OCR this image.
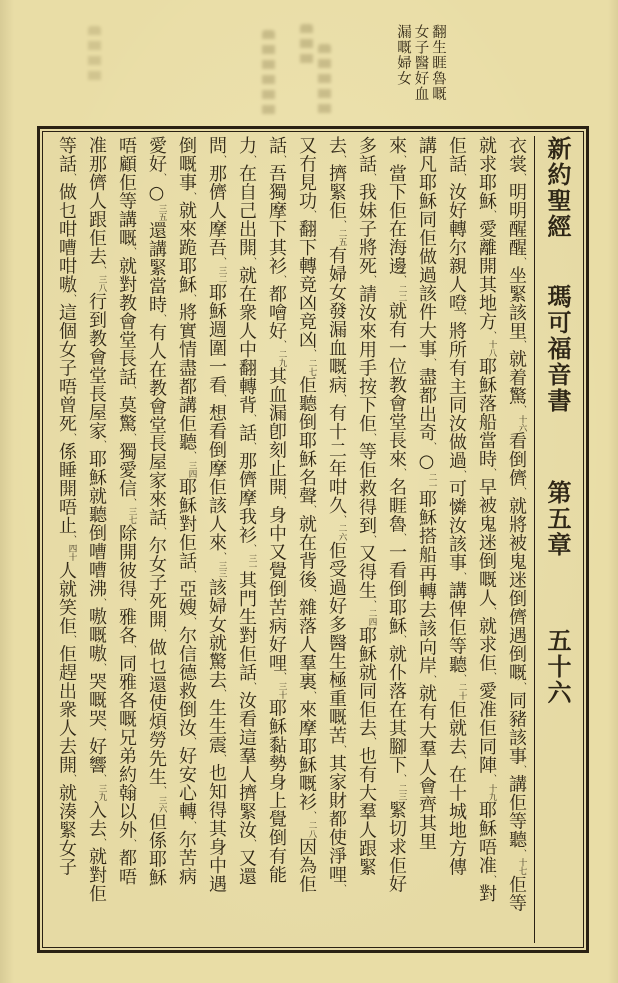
翻生睚魯嘅
女子醫好血
漏嘅婦女
新約聖經瑪可福音書第五章五十六
衣裳、明明醒醒、坐緊該里、就着驚、十六看倒儕、就將被鬼迷倒儕遇倒嘅、同豬該事、講佢等聽、十七佢等
就求耶穌、愛離開其地方、十八耶穌落船當時、早被鬼迷倒嘅人、就求佢、愛准佢同陣、十九耶穌唔准、對
佢話、汝好轉尔親人噔、將所有主同汝做過、可憐汝該事、講俾佢等聽、二十佢就去、在十城地方傳
講凡耶穌同佢做過該件大事、盡都出奇、○二一耶穌搭船再轉去該向岸、就有大羣人會齊其里
來、當下佢在海邊、二二就有一位教會堂長來、名睚魯、一看倒耶穌、就仆落在其腳下、二三緊切求佢好
多話、我妹子將死、請汝來用手按下佢、等佢救得到、又得生、二四耶穌就同佢去、也有大羣人跟緊
去、擠緊佢、二五有婦女發漏血嘅病、有十二年咁久、二六佢受過好多醫生極重嘅苦、其家財都使淨哩、
又冇見功、翻下轉竟凶竟凶、二七佢聽倒耶穌名聲、就在背後、雜落人羣裏、來摩耶穌嘅衫、二八因為佢
話、吾獨摩下其衫、都噲好、二九其血漏卽刻止開、身中又覺倒苦病好哩、三十耶穌黏勢身上覺倒有能
力、在自己出開、就在衆人中翻轉背、話、那儕摩我衫、三一其門生對佢話、汝看這羣人擠緊汝、又還
問、那儕人摩吾、三二耶穌週圍一看、想看倒摩佢該人來、三三該婦女就驚去、生生震、也知得其身中遇
倒嘅事、就來跪耶穌、將實情盡都講佢聽、三四耶穌對佢話、亞嫂、尔信德救倒汝、好安心轉、尔苦病
愛好、○三五還講緊當時、有人在教會堂長屋家來話、尔女子死開、做乜還使煩勞先生、三六但係耶穌
唔顧佢等講嘅、就對教會堂長話、莫驚、獨愛信、三七除開彼得、雅各、同雅各嘅兄弟約翰以外、都唔
准那儕人跟佢去、三八行到教會堂長屋家、耶穌就聽倒嘈嘈沸、嗷嘅嗷、哭嘅哭、好響、三九入去、就對佢
等話、做乜咁嘈咁嗷、這個女子唔曾死、係睡開唔止、四十人就笑佢、佢趕出衆人去開、就湊緊女子
